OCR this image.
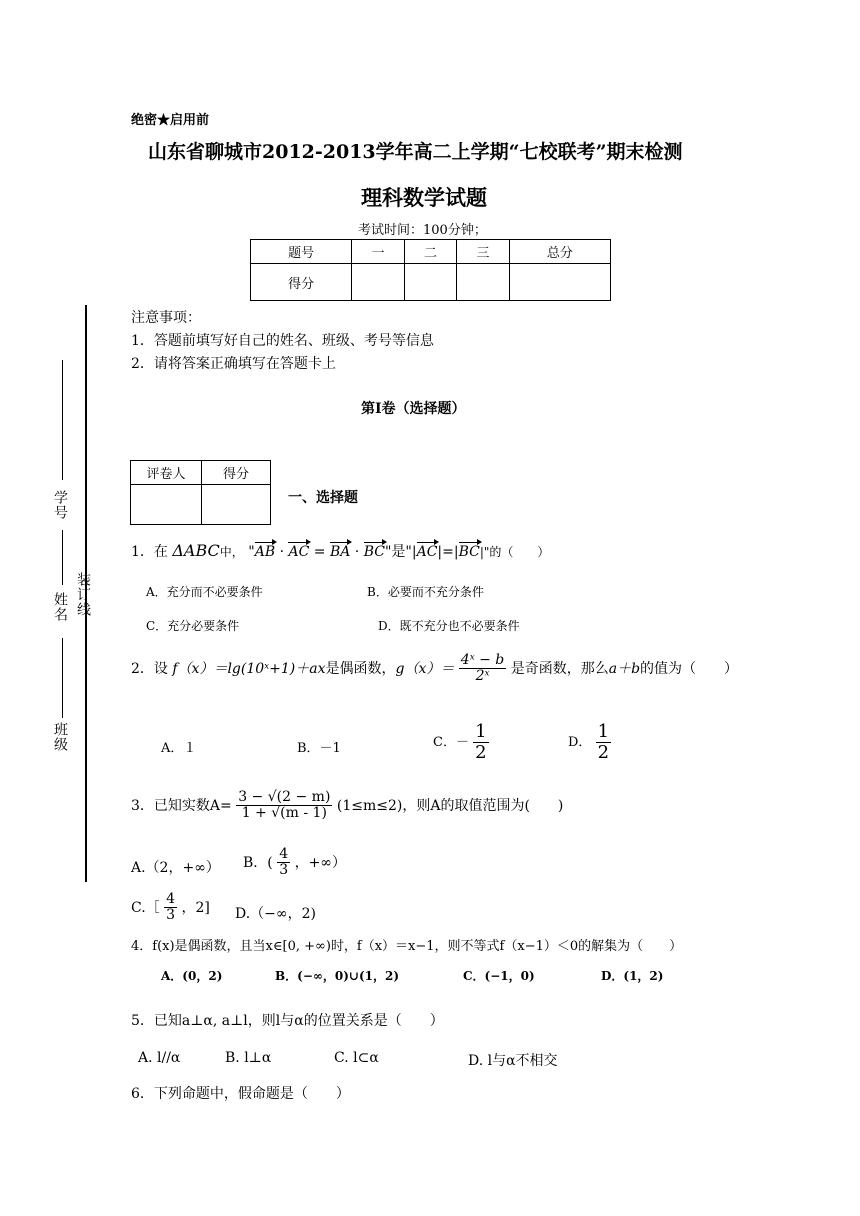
绝密★启用前
山东省聊城市2012-2013学年高二上学期“七校联考”期末检测
理科数学试题
考试时间：100分钟；
题号	一	二	三	总分
得分				
学号
姓名
班级
装订线
注意事项：
1．答题前填写好自己的姓名、班级、考号等信息
2．请将答案正确填写在答题卡上
第Ⅰ卷（选择题）
评卷人	得分

一、选择题
1．在 ΔABC中， "AB · AC = BA · BC"是"|AC|=|BC|"的（　　）
A．充分而不必要条件	B．必要而不充分条件
C．充分必要条件	D．既不充分也不必要条件
2．设 f（x）＝lg(10ˣ+1)＋ax是偶函数，$g(x)= \frac{\text{4ˣ − b}}{\text{2ˣ}}$ 是奇函数，那么a＋b的值为（　　）
A．１	B．－1	C．－ $\frac{1}{2}$	D． $\frac{1}{2}$
3．已知实数$A= \frac{3 - √(2 - m)}{1 + √(m - 1)} (1\le m\le 2)$，则A的取值范围为(　　)
A.（2，+∞） B．( $\frac{4}{3}$ ，+∞）
C.［ $\frac{4}{3}$ ，2] D.（−∞，2)
4．f(x)是偶函数，且当x∈[0, +∞)时，f（x）＝x−1，则不等式f（x−1）＜0的解集为（　　）
A．(0，2)	B．(−∞，0)∪(1，2)	C．(−1，0)	D．(1，2)
5．已知a⊥α, a⊥l，则l与α的位置关系是（　　）
A. l//α	B. l⊥α	C. l⊂α	D. l与α不相交
6．下列命题中，假命题是（　　）
